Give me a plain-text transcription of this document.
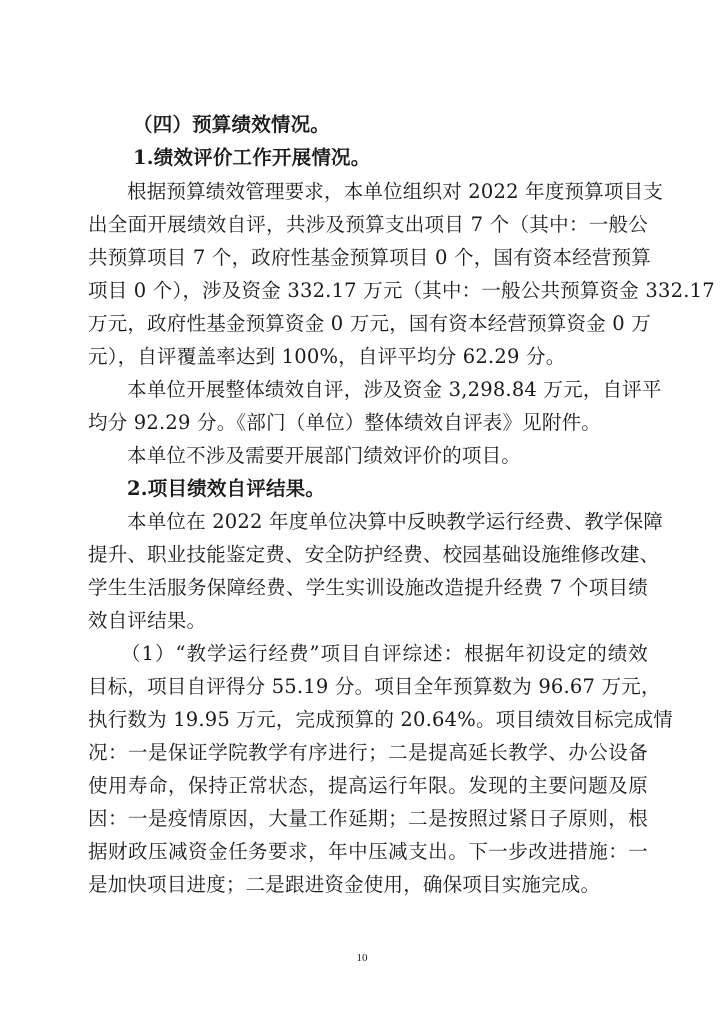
（四）预算绩效情况。
1.绩效评价工作开展情况。
根据预算绩效管理要求，本单位组织对 2022 年度预算项目支
出全面开展绩效自评，共涉及预算支出项目 7 个（其中：一般公
共预算项目 7 个，政府性基金预算项目 0 个，国有资本经营预算
项目 0 个），涉及资金 332.17 万元（其中：一般公共预算资金 332.17
万元，政府性基金预算资金 0 万元，国有资本经营预算资金 0 万
元），自评覆盖率达到 100%，自评平均分 62.29 分。
本单位开展整体绩效自评，涉及资金 3,298.84 万元，自评平
均分 92.29 分。《部门（单位）整体绩效自评表》见附件。
本单位不涉及需要开展部门绩效评价的项目。
2.项目绩效自评结果。
本单位在 2022 年度单位决算中反映教学运行经费、教学保障
提升、职业技能鉴定费、安全防护经费、校园基础设施维修改建、
学生生活服务保障经费、学生实训设施改造提升经费 7 个项目绩
效自评结果。
（1）“教学运行经费”项目自评综述：根据年初设定的绩效
目标，项目自评得分 55.19 分。项目全年预算数为 96.67 万元，
执行数为 19.95 万元，完成预算的 20.64%。项目绩效目标完成情
况：一是保证学院教学有序进行；二是提高延长教学、办公设备
使用寿命，保持正常状态，提高运行年限。发现的主要问题及原
因：一是疫情原因，大量工作延期；二是按照过紧日子原则，根
据财政压减资金任务要求，年中压减支出。下一步改进措施：一
是加快项目进度；二是跟进资金使用，确保项目实施完成。
10
